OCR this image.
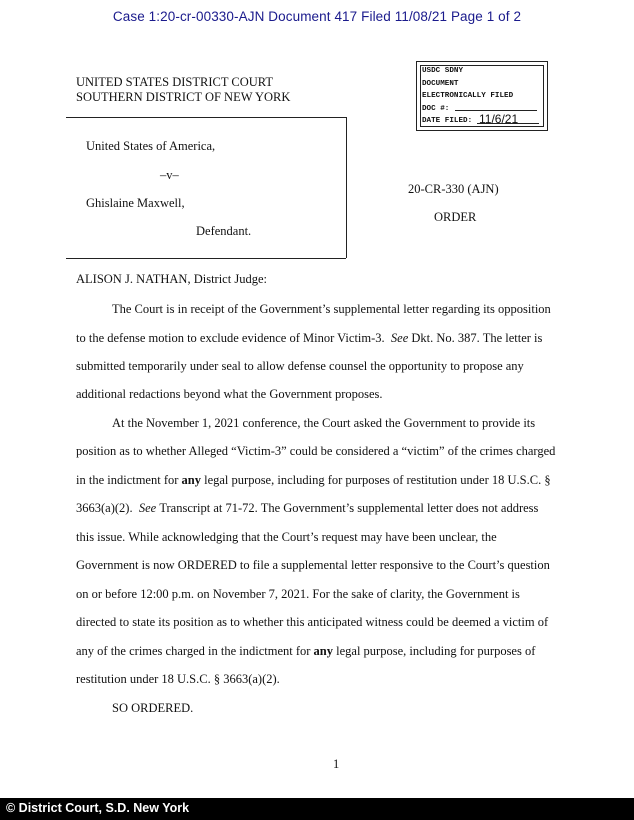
Case 1:20-cr-00330-AJN Document 417 Filed 11/08/21 Page 1 of 2
UNITED STATES DISTRICT COURT
SOUTHERN DISTRICT OF NEW YORK
USDC SDNY
DOCUMENT
ELECTRONICALLY FILED
DOC #:
DATE FILED: 11/6/21
United States of America,
–v–
Ghislaine Maxwell,
Defendant.
20-CR-330 (AJN)
ORDER
ALISON J. NATHAN, District Judge:
The Court is in receipt of the Government’s supplemental letter regarding its opposition
to the defense motion to exclude evidence of Minor Victim-3. See Dkt. No. 387. The letter is
submitted temporarily under seal to allow defense counsel the opportunity to propose any
additional redactions beyond what the Government proposes.
At the November 1, 2021 conference, the Court asked the Government to provide its
position as to whether Alleged “Victim-3” could be considered a “victim” of the crimes charged
in the indictment for any legal purpose, including for purposes of restitution under 18 U.S.C. §
3663(a)(2). See Transcript at 71-72. The Government’s supplemental letter does not address
this issue. While acknowledging that the Court’s request may have been unclear, the
Government is now ORDERED to file a supplemental letter responsive to the Court’s question
on or before 12:00 p.m. on November 7, 2021. For the sake of clarity, the Government is
directed to state its position as to whether this anticipated witness could be deemed a victim of
any of the crimes charged in the indictment for any legal purpose, including for purposes of
restitution under 18 U.S.C. § 3663(a)(2).
SO ORDERED.
1
© District Court, S.D. New York
